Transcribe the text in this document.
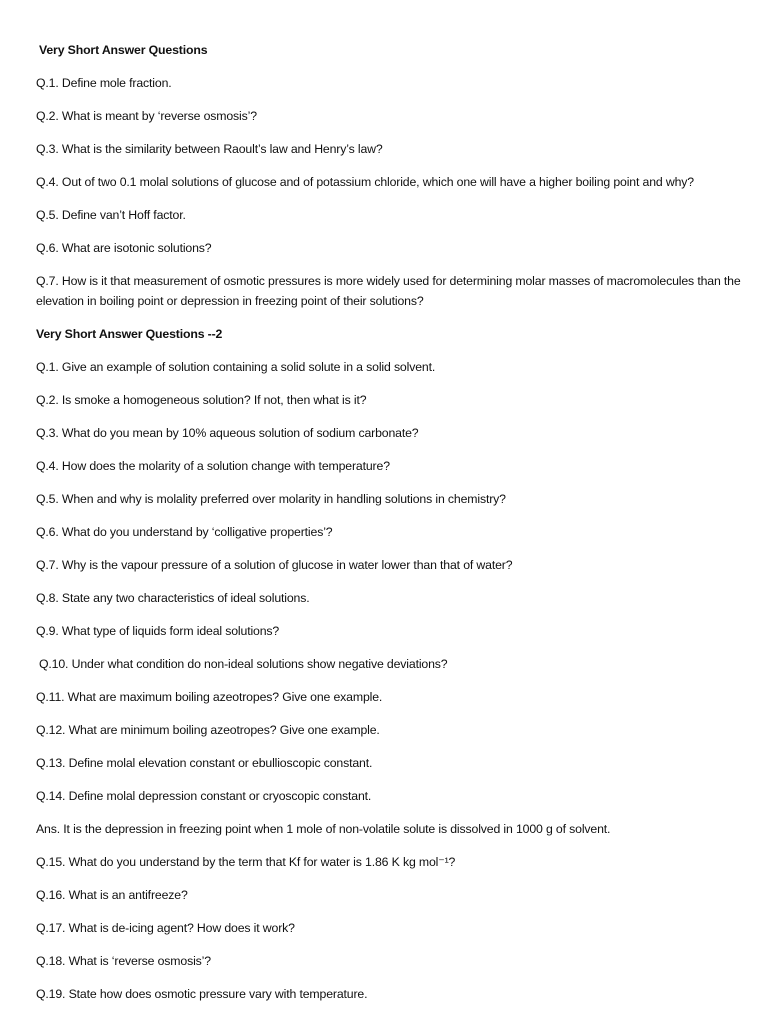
Very Short Answer Questions

Q.1. Define mole fraction.

Q.2. What is meant by ‘reverse osmosis’?

Q.3. What is the similarity between Raoult’s law and Henry’s law?

Q.4. Out of two 0.1 molal solutions of glucose and of potassium chloride, which one will have a higher boiling point and why?

Q.5. Define van’t Hoff factor.

Q.6. What are isotonic solutions?

Q.7. How is it that measurement of osmotic pressures is more widely used for determining molar masses of macromolecules than the elevation in boiling point or depression in freezing point of their solutions?

Very Short Answer Questions --2

Q.1. Give an example of solution containing a solid solute in a solid solvent.

Q.2. Is smoke a homogeneous solution? If not, then what is it?

Q.3. What do you mean by 10% aqueous solution of sodium carbonate?

Q.4. How does the molarity of a solution change with temperature?

Q.5. When and why is molality preferred over molarity in handling solutions in chemistry?

Q.6. What do you understand by ‘colligative properties’?

Q.7. Why is the vapour pressure of a solution of glucose in water lower than that of water?

Q.8. State any two characteristics of ideal solutions.

Q.9. What type of liquids form ideal solutions?

Q.10. Under what condition do non-ideal solutions show negative deviations?

Q.11. What are maximum boiling azeotropes? Give one example.

Q.12. What are minimum boiling azeotropes? Give one example.

Q.13. Define molal elevation constant or ebullioscopic constant.

Q.14. Define molal depression constant or cryoscopic constant.

Ans. It is the depression in freezing point when 1 mole of non-volatile solute is dissolved in 1000 g of solvent.

Q.15. What do you understand by the term that Kf for water is 1.86 K kg mol⁻¹?

Q.16. What is an antifreeze?

Q.17. What is de-icing agent? How does it work?

Q.18. What is ‘reverse osmosis’?

Q.19. State how does osmotic pressure vary with temperature.
